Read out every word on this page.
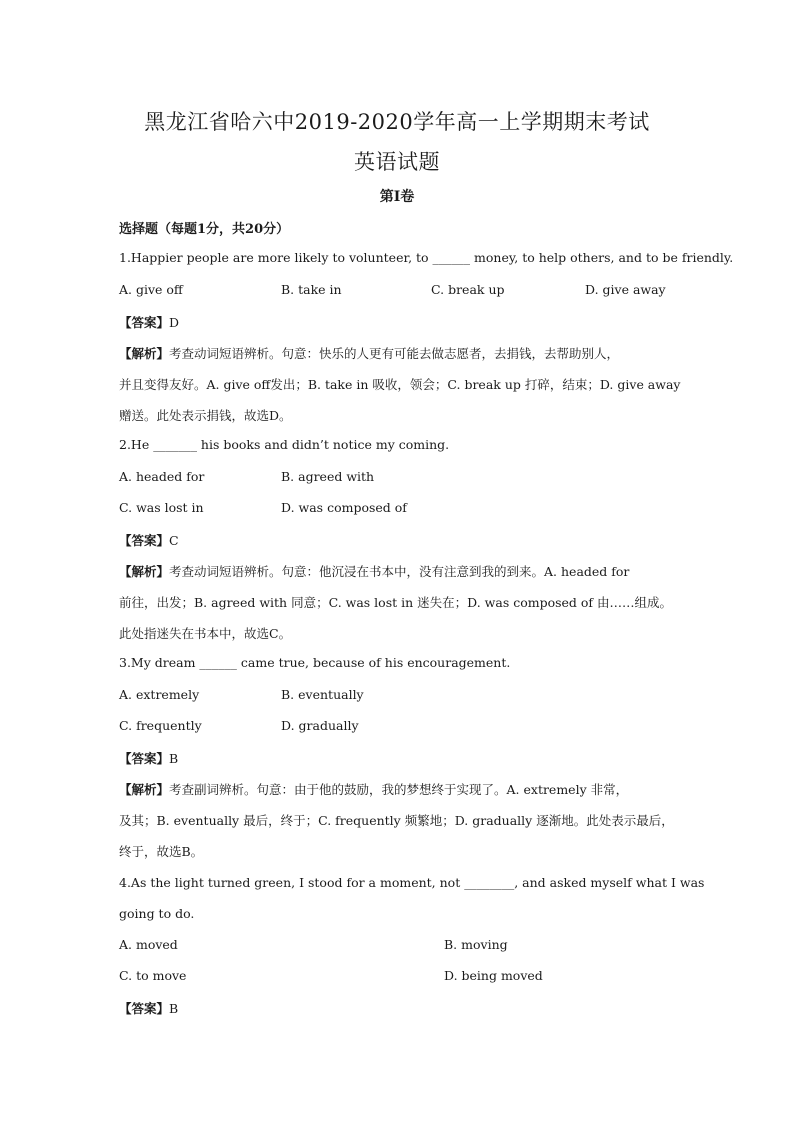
黑龙江省哈六中2019-2020学年高一上学期期末考试
英语试题
第I卷
选择题（每题1分，共20分）
1.Happier people are more likely to volunteer, to ______ money, to help others, and to be friendly.
A. give off	B. take in	C. break up	D. give away
【答案】D
【解析】考查动词短语辨析。句意：快乐的人更有可能去做志愿者，去捐钱，去帮助别人，
并且变得友好。A. give off发出；B. take in 吸收，领会；C. break up 打碎，结束；D. give away
赠送。此处表示捐钱，故选D。
2.He _______ his books and didn’t notice my coming.
A. headed for	B. agreed with
C. was lost in	D. was composed of
【答案】C
【解析】考查动词短语辨析。句意：他沉浸在书本中，没有注意到我的到来。A. headed for
前往，出发；B. agreed with 同意；C. was lost in 迷失在；D. was composed of 由……组成。
此处指迷失在书本中，故选C。
3.My dream ______ came true, because of his encouragement.
A. extremely	B. eventually
C. frequently	D. gradually
【答案】B
【解析】考查副词辨析。句意：由于他的鼓励，我的梦想终于实现了。A. extremely 非常，
及其；B. eventually 最后，终于；C. frequently 频繁地；D. gradually 逐渐地。此处表示最后，
终于，故选B。
4.As the light turned green, I stood for a moment, not ________, and asked myself what I was
going to do.
A. moved	B. moving
C. to move	D. being moved
【答案】B
